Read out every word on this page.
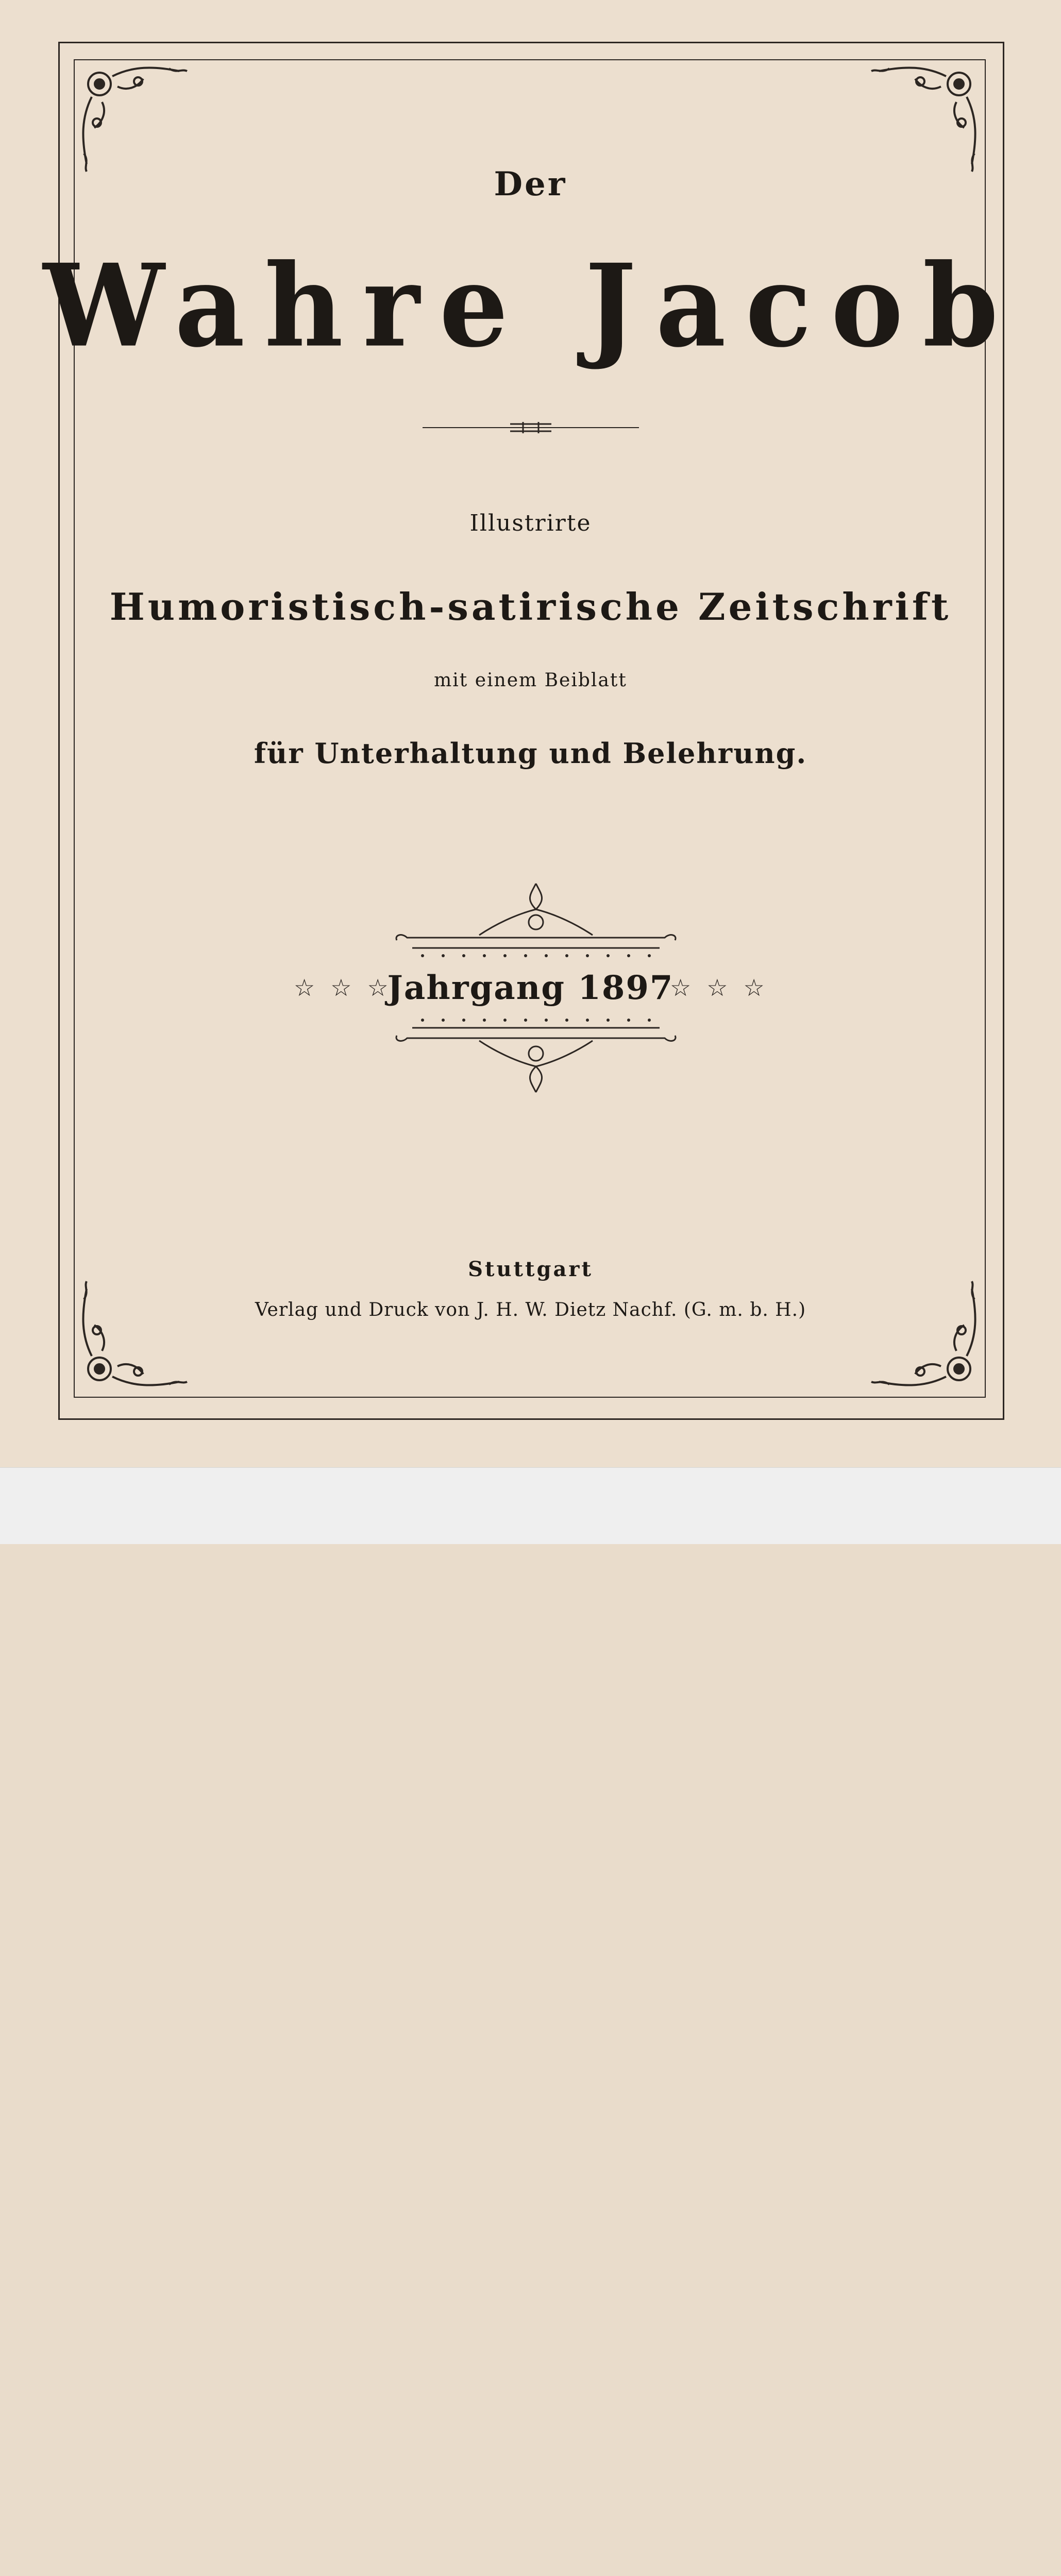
Der
Wahre Jacob
Illustrirte
Humoristisch-satirische Zeitschrift
mit einem Beiblatt
für Unterhaltung und Belehrung.
☆☆☆
Jahrgang 1897
☆☆☆
Stuttgart
Verlag und Druck von J. H. W. Dietz Nachf. (G. m. b. H.)
